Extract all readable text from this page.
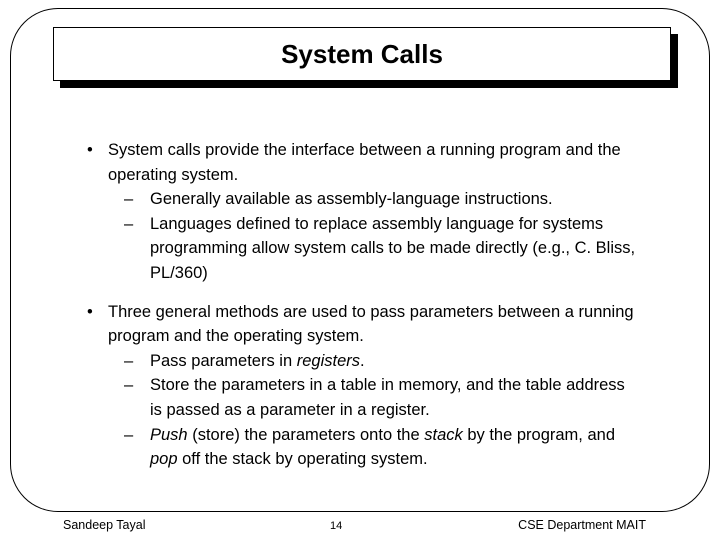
System Calls
• System calls provide the interface between a running program and the operating system.
– Generally available as assembly-language instructions.
– Languages defined to replace assembly language for systems programming allow system calls to be made directly (e.g., C. Bliss, PL/360)
• Three general methods are used to pass parameters between a running program and the operating system.
– Pass parameters in registers.
– Store the parameters in a table in memory, and the table address is passed as a parameter in a register.
– Push (store) the parameters onto the stack by the program, and pop off the stack by operating system.
Sandeep Tayal	14	CSE Department MAIT
